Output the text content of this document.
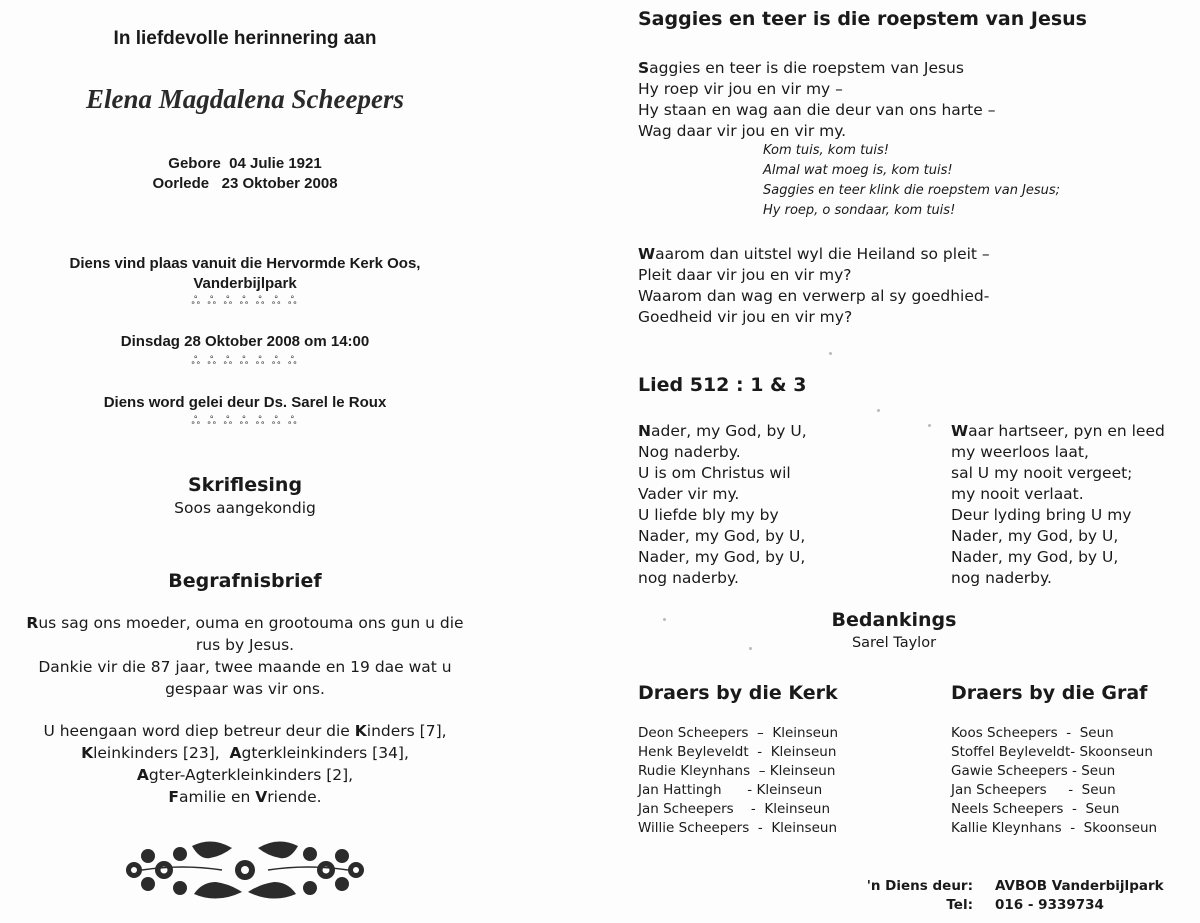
In liefdevolle herinnering aan
Elena Magdalena Scheepers
Gebore 04 Julie 1921
Oorlede 23 Oktober 2008
Diens vind plaas vanuit die Hervormde Kerk Oos,
Vanderbijlpark
ஃ ஃ ஃ ஃ ஃ ஃ ஃ
Dinsdag 28 Oktober 2008 om 14:00
ஃ ஃ ஃ ஃ ஃ ஃ ஃ
Diens word gelei deur Ds. Sarel le Roux
ஃ ஃ ஃ ஃ ஃ ஃ ஃ
Skriflesing
Soos aangekondig
Begrafnisbrief
Rus sag ons moeder, ouma en grootouma ons gun u die
rus by Jesus.
Dankie vir die 87 jaar, twee maande en 19 dae wat u
gespaar was vir ons.
U heengaan word diep betreur deur die Kinders [7],
Kleinkinders [23],  Agterkleinkinders [34],
Agter-Agterkleinkinders [2],
Familie en Vriende.
Saggies en teer is die roepstem van Jesus
Saggies en teer is die roepstem van Jesus
Hy roep vir jou en vir my –
Hy staan en wag aan die deur van ons harte –
Wag daar vir jou en vir my.
Kom tuis, kom tuis!
Almal wat moeg is, kom tuis!
Saggies en teer klink die roepstem van Jesus;
Hy roep, o sondaar, kom tuis!
Waarom dan uitstel wyl die Heiland so pleit –
Pleit daar vir jou en vir my?
Waarom dan wag en verwerp al sy goedhied-
Goedheid vir jou en vir my?
Lied 512 : 1 & 3
Nader, my God, by U,
Nog naderby.
U is om Christus wil
Vader vir my.
U liefde bly my by
Nader, my God, by U,
Nader, my God, by U,
nog naderby.
Waar hartseer, pyn en leed
my weerloos laat,
sal U my nooit vergeet;
my nooit verlaat.
Deur lyding bring U my
Nader, my God, by U,
Nader, my God, by U,
nog naderby.
Bedankings
Sarel Taylor
Draers by die Kerk
Deon Scheepers – Kleinseun
Henk Beyleveldt - Kleinseun
Rudie Kleynhans – Kleinseun
Jan Hattingh - Kleinseun
Jan Scheepers - Kleinseun
Willie Scheepers - Kleinseun
Draers by die Graf
Koos Scheepers - Seun
Stoffel Beyleveldt - Skoonseun
Gawie Scheepers - Seun
Jan Scheepers - Seun
Neels Scheepers - Seun
Kallie Kleynhans - Skoonseun
'n Diens deur:	AVBOB Vanderbijlpark
Tel:	016 - 9339734
